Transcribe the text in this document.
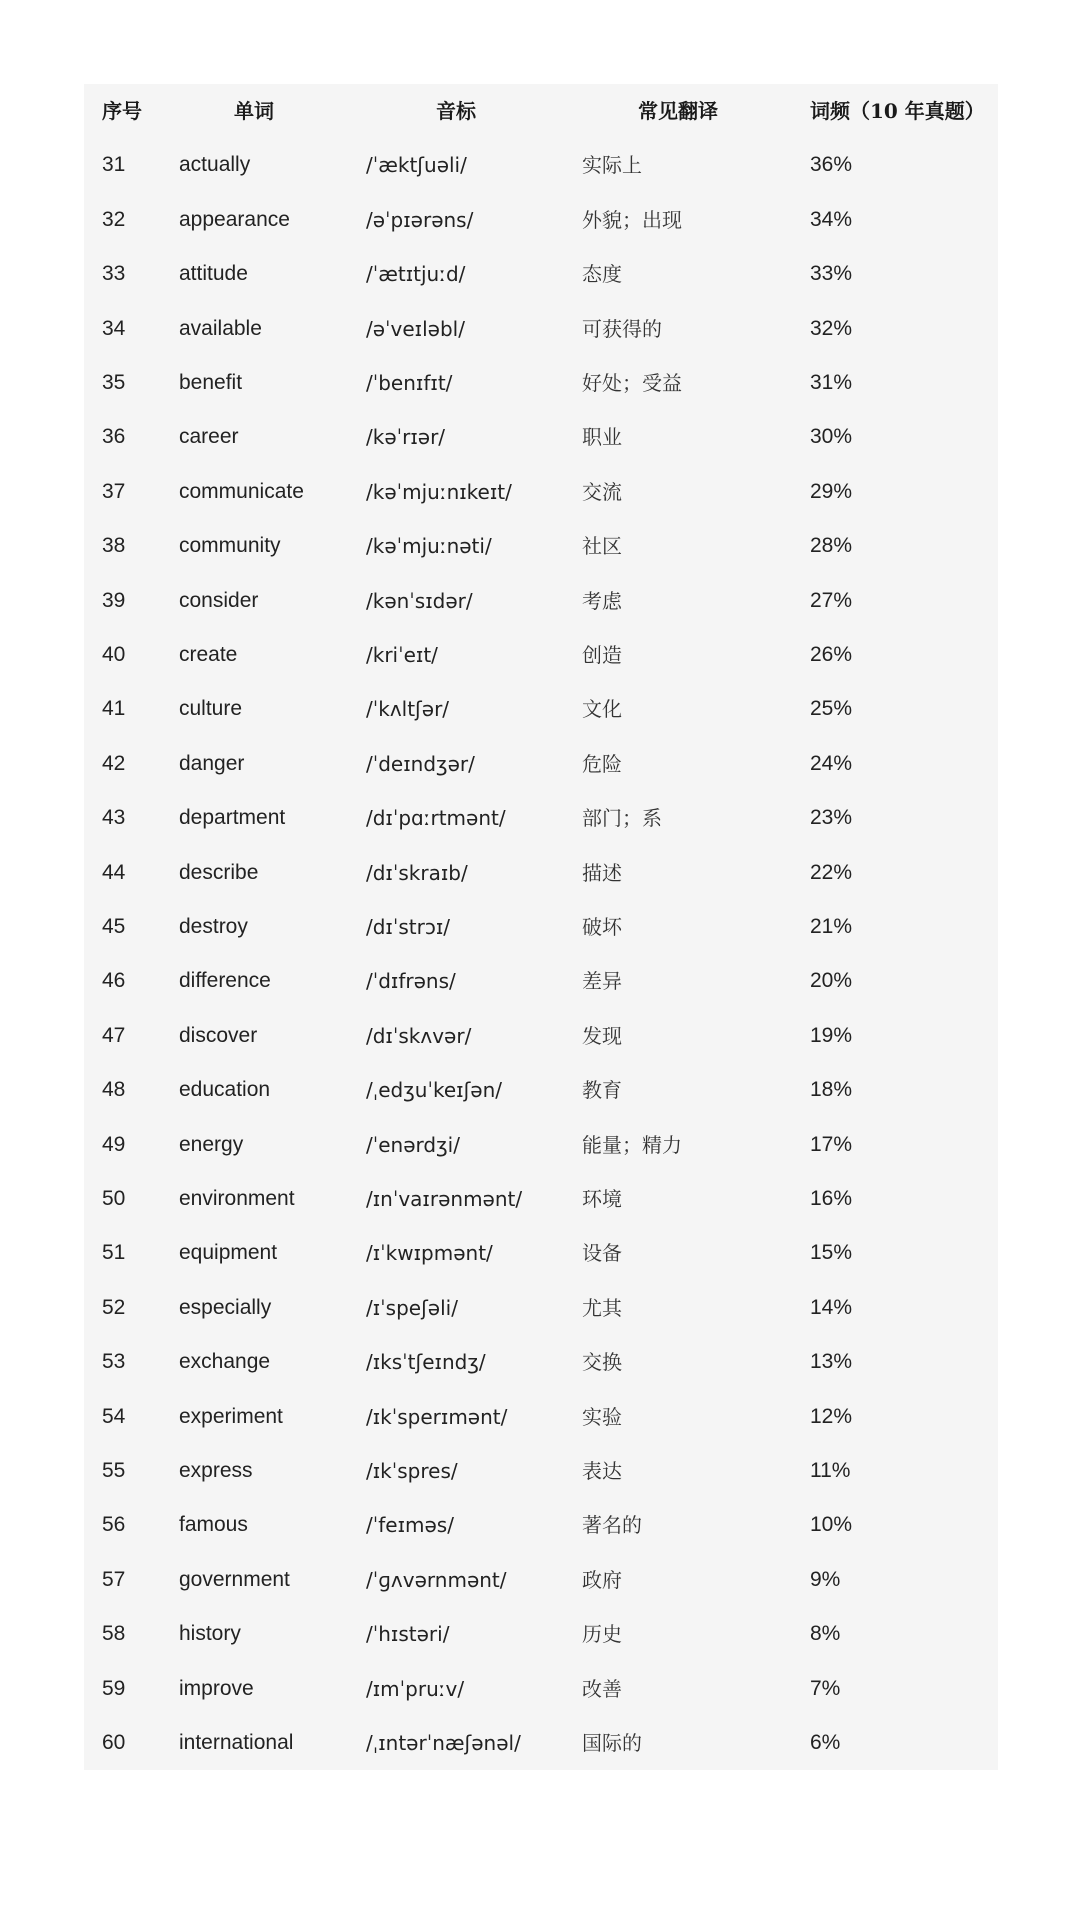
序号	单词	音标	常见翻译	词频（10 年真题）
31	actually	/ˈæktʃuəli/	实际上	36%
32	appearance	/əˈpɪərəns/	外貌；出现	34%
33	attitude	/ˈætɪtjuːd/	态度	33%
34	available	/əˈveɪləbl/	可获得的	32%
35	benefit	/ˈbenɪfɪt/	好处；受益	31%
36	career	/kəˈrɪər/	职业	30%
37	communicate	/kəˈmjuːnɪkeɪt/	交流	29%
38	community	/kəˈmjuːnəti/	社区	28%
39	consider	/kənˈsɪdər/	考虑	27%
40	create	/kriˈeɪt/	创造	26%
41	culture	/ˈkʌltʃər/	文化	25%
42	danger	/ˈdeɪndʒər/	危险	24%
43	department	/dɪˈpɑːrtmənt/	部门；系	23%
44	describe	/dɪˈskraɪb/	描述	22%
45	destroy	/dɪˈstrɔɪ/	破坏	21%
46	difference	/ˈdɪfrəns/	差异	20%
47	discover	/dɪˈskʌvər/	发现	19%
48	education	/ˌedʒuˈkeɪʃən/	教育	18%
49	energy	/ˈenərdʒi/	能量；精力	17%
50	environment	/ɪnˈvaɪrənmənt/	环境	16%
51	equipment	/ɪˈkwɪpmənt/	设备	15%
52	especially	/ɪˈspeʃəli/	尤其	14%
53	exchange	/ɪksˈtʃeɪndʒ/	交换	13%
54	experiment	/ɪkˈsperɪmənt/	实验	12%
55	express	/ɪkˈspres/	表达	11%
56	famous	/ˈfeɪməs/	著名的	10%
57	government	/ˈɡʌvərnmənt/	政府	9%
58	history	/ˈhɪstəri/	历史	8%
59	improve	/ɪmˈpruːv/	改善	7%
60	international	/ˌɪntərˈnæʃənəl/	国际的	6%
